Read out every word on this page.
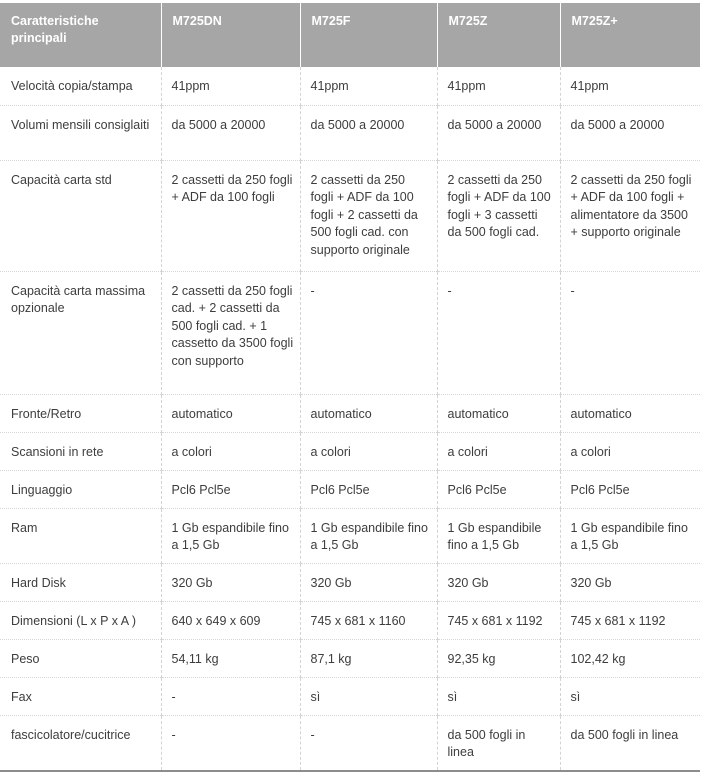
Caratteristiche principali	M725DN	M725F	M725Z	M725Z+
Velocità copia/stampa	41ppm	41ppm	41ppm	41ppm
Volumi mensili consiglaiti	da 5000 a 20000	da 5000 a 20000	da 5000 a 20000	da 5000 a 20000
Capacità carta std	2 cassetti da 250 fogli + ADF da 100 fogli	2 cassetti da 250 fogli + ADF da 100 fogli + 2 cassetti da 500 fogli cad. con supporto originale	2 cassetti da 250 fogli + ADF da 100 fogli + 3 cassetti da 500 fogli cad.	2 cassetti da 250 fogli + ADF da 100 fogli + alimentatore da 3500 + supporto originale
Capacità carta massima opzionale	2 cassetti da 250 fogli cad. + 2 cassetti da 500 fogli cad. + 1 cassetto da 3500 fogli con supporto	-	-	-
Fronte/Retro	automatico	automatico	automatico	automatico
Scansioni in rete	a colori	a colori	a colori	a colori
Linguaggio	Pcl6 Pcl5e	Pcl6 Pcl5e	Pcl6 Pcl5e	Pcl6 Pcl5e
Ram	1 Gb espandibile fino a 1,5 Gb	1 Gb espandibile fino a 1,5 Gb	1 Gb espandibile fino a 1,5 Gb	1 Gb espandibile fino a 1,5 Gb
Hard Disk	320 Gb	320 Gb	320 Gb	320 Gb
Dimensioni (L x P x A )	640 x 649 x 609	745 x 681 x 1160	745 x 681 x 1192	745 x 681 x 1192
Peso	54,11 kg	87,1 kg	92,35 kg	102,42 kg
Fax	-	sì	sì	sì
fascicolatore/cucitrice	-	-	da 500 fogli in linea	da 500 fogli in linea
